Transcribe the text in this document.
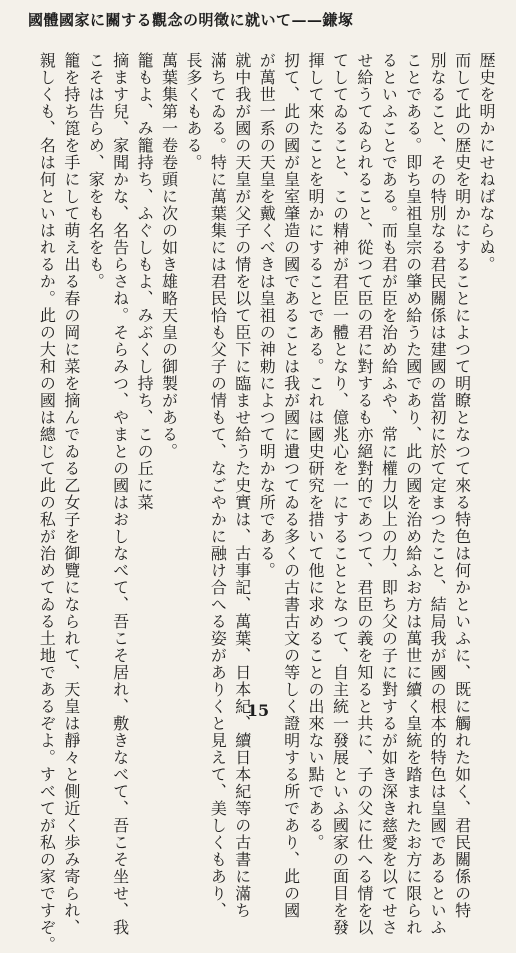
國體國家に關する觀念の明徵に就いて——鎌塚
歴史を明かにせねばならぬ。
而して此の歴史を明かにすることによつて明瞭となつて來る特色は何かといふに、既に觸れた如く、君民關係の特
別なること、その特別なる君民關係は建國の當初に於て定まつたこと、結局我が國の根本的特色は皇國であるといふ
ことである。即ち皇祖皇宗の肇め給うた國であり、此の國を治め給ふお方は萬世に續く皇統を踏まれたお方に限られ
るといふことである。而も君が臣を治め給ふや、常に權力以上の力、即ち父の子に對するが如き深き慈愛を以てせさ
せ給うてゐられること、從つて臣の君に對するも亦絕對的であつて、君臣の義を知ると共に、子の父に仕へる情を以
てしてゐること、この精神が君臣一體となり、億兆心を一にすることとなつて、自主統一發展といふ國家の面目を發
揮して來たことを明かにすることである。これは國史研究を措いて他に求めることの出來ない點である。
扨て、此の國が皇室肇造の國であることは我が國に遺つてゐる多くの古書古文の等しく證明する所であり、此の國
が萬世一系の天皇を戴くべきは皇祖の神勅によつて明かな所である。
就中我が國の天皇が父子の情を以て臣下に臨ませ給うた史實は、古事記、萬葉、日本紀、續日本紀等の古書に滿ち
滿ちてゐる。特に萬葉集には君民恰も父子の情もて、なごやかに融け合へる姿がありくと見えて、美しくもあり、
長多くもある。
萬葉集第一卷卷頭に次の如き雄略天皇の御製がある。
籠もよ、み籠持ち、ふぐしもよ、みぶくし持ち、この丘に菜
摘ます兒、家聞かな、名告らさね。そらみつ、やまとの國はおしなべて、吾こそ居れ、敷きなべて、吾こそ坐せ、我
こそは告らめ、家をも名をも。
籠を持ち箆を手にして萌え出る春の岡に菜を摘んでゐる乙女子を御覽になられて、天皇は靜々と側近く歩み寄られ、
親しくも、名は何といはれるか。此の大和の國は總じて此の私が治めてゐる土地であるぞよ。すべてが私の家ですぞ。	15
